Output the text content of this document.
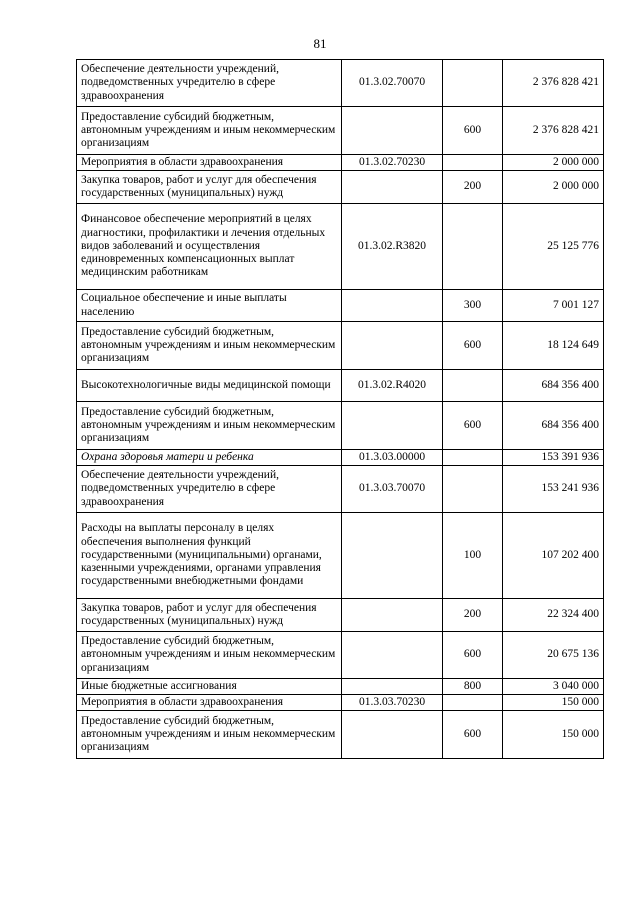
81
Обеспечение деятельности учреждений, подведомственных учредителю в сфере здравоохранения	01.3.02.70070		2 376 828 421
Предоставление субсидий бюджетным, автономным учреждениям и иным некоммерческим организациям		600	2 376 828 421
Мероприятия в области здравоохранения	01.3.02.70230		2 000 000
Закупка товаров, работ и услуг для обеспечения государственных (муниципальных) нужд		200	2 000 000
Финансовое обеспечение мероприятий в целях диагностики, профилактики и лечения отдельных видов заболеваний и осуществления единовременных компенсационных выплат медицинским работникам	01.3.02.R3820		25 125 776
Социальное обеспечение и иные выплаты населению		300	7 001 127
Предоставление субсидий бюджетным, автономным учреждениям и иным некоммерческим организациям		600	18 124 649
Высокотехнологичные виды медицинской помощи	01.3.02.R4020		684 356 400
Предоставление субсидий бюджетным, автономным учреждениям и иным некоммерческим организациям		600	684 356 400
Охрана здоровья матери и ребенка	01.3.03.00000		153 391 936
Обеспечение деятельности учреждений, подведомственных учредителю в сфере здравоохранения	01.3.03.70070		153 241 936
Расходы на выплаты персоналу в целях обеспечения выполнения функций государственными (муниципальными) органами, казенными учреждениями, органами управления государственными внебюджетными фондами		100	107 202 400
Закупка товаров, работ и услуг для обеспечения государственных (муниципальных) нужд		200	22 324 400
Предоставление субсидий бюджетным, автономным учреждениям и иным некоммерческим организациям		600	20 675 136
Иные бюджетные ассигнования		800	3 040 000
Мероприятия в области здравоохранения	01.3.03.70230		150 000
Предоставление субсидий бюджетным, автономным учреждениям и иным некоммерческим организациям		600	150 000
